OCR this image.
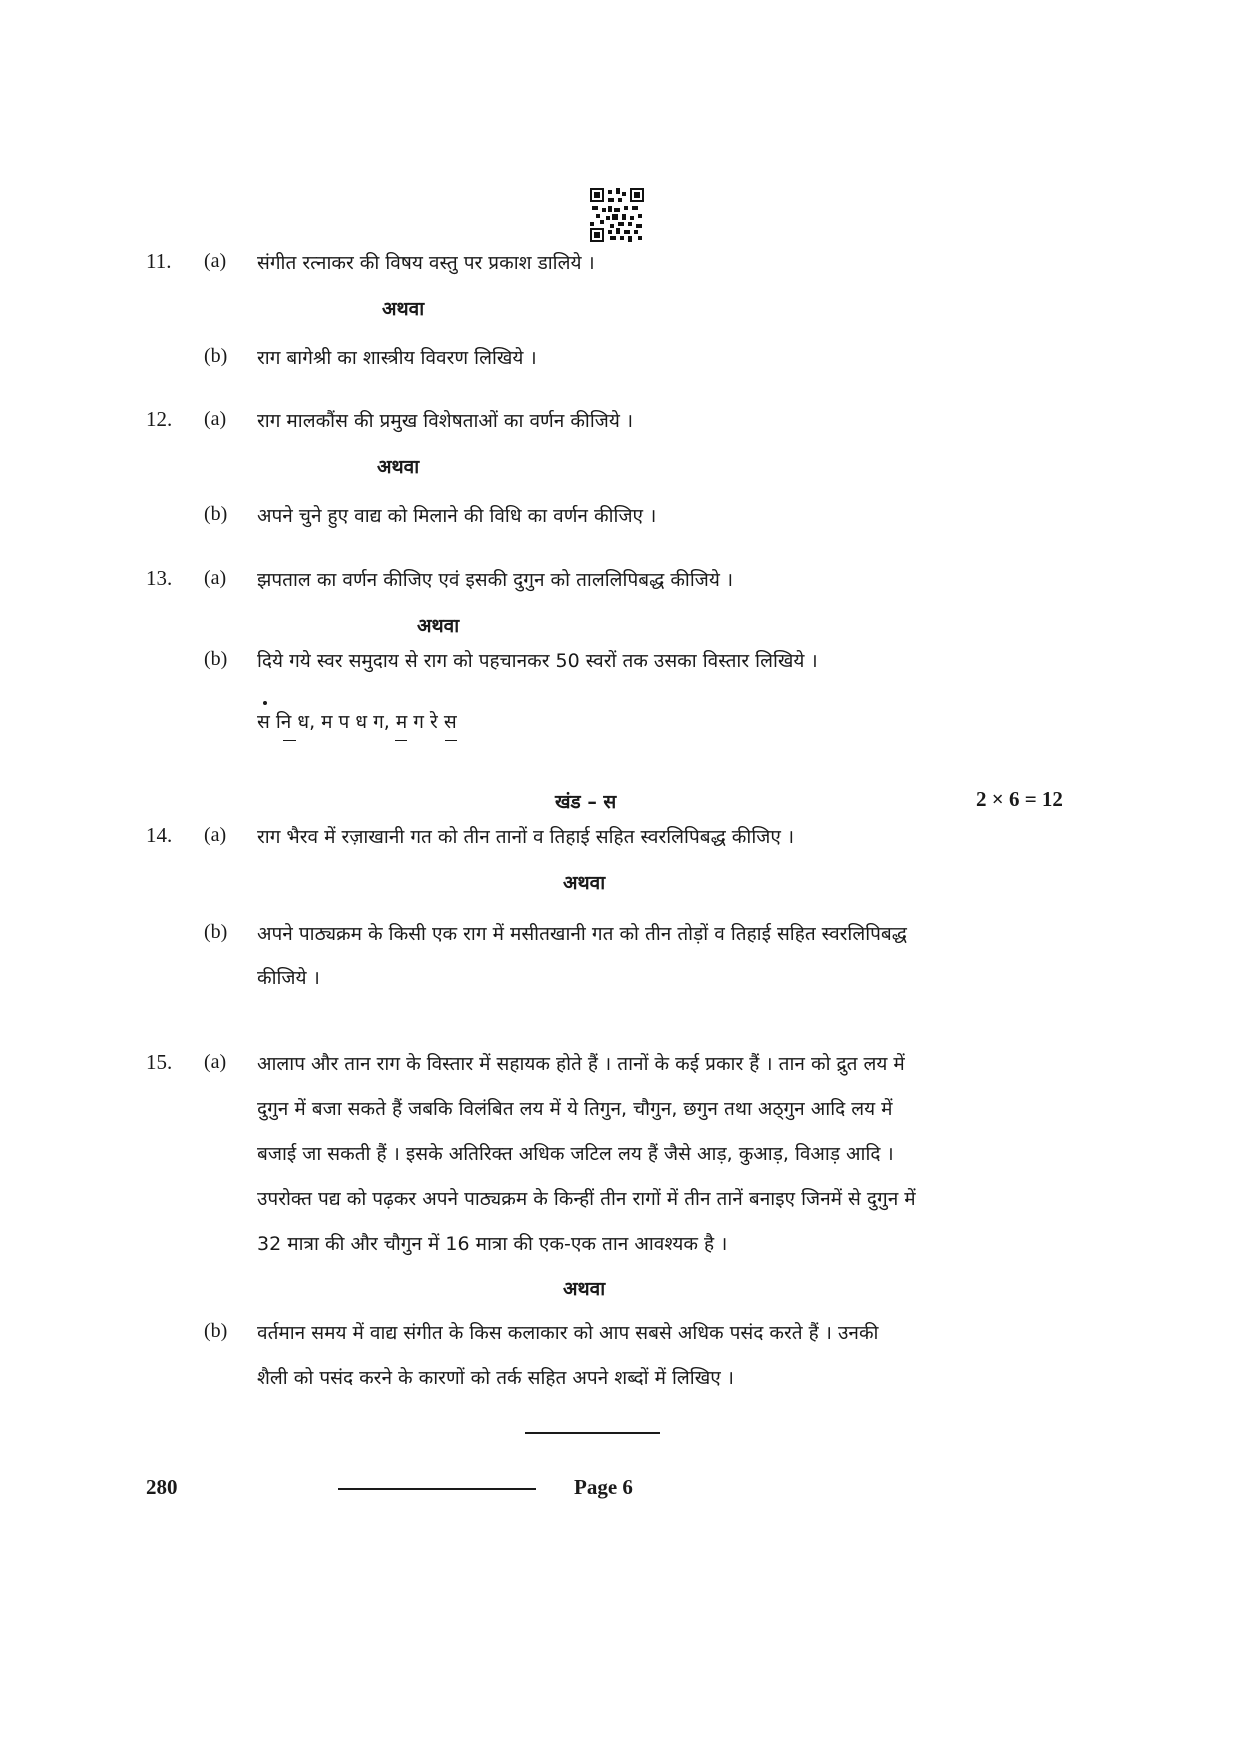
11. (a) संगीत रत्नाकर की विषय वस्तु पर प्रकाश डालिये ।
अथवा
(b) राग बागेश्री का शास्त्रीय विवरण लिखिये ।
12. (a) राग मालकौंस की प्रमुख विशेषताओं का वर्णन कीजिये ।
अथवा
(b) अपने चुने हुए वाद्य को मिलाने की विधि का वर्णन कीजिए ।
13. (a) झपताल का वर्णन कीजिए एवं इसकी दुगुन को ताललिपिबद्ध कीजिये ।
अथवा
(b) दिये गये स्वर समुदाय से राग को पहचानकर 50 स्वरों तक उसका विस्तार लिखिये ।
स नि ध, म प ध ग, म ग रे स
खंड – स	2 × 6 = 12
14. (a) राग भैरव में रज़ाखानी गत को तीन तानों व तिहाई सहित स्वरलिपिबद्ध कीजिए ।
अथवा
(b) अपने पाठ्यक्रम के किसी एक राग में मसीतखानी गत को तीन तोड़ों व तिहाई सहित स्वरलिपिबद्ध
कीजिये ।
15. (a) आलाप और तान राग के विस्तार में सहायक होते हैं । तानों के कई प्रकार हैं । तान को द्रुत लय में
दुगुन में बजा सकते हैं जबकि विलंबित लय में ये तिगुन, चौगुन, छगुन तथा अठ्गुन आदि लय में
बजाई जा सकती हैं । इसके अतिरिक्त अधिक जटिल लय हैं जैसे आड़, कुआड़, विआड़ आदि ।
उपरोक्त पद्य को पढ़कर अपने पाठ्यक्रम के किन्हीं तीन रागों में तीन तानें बनाइए जिनमें से दुगुन में
32 मात्रा की और चौगुन में 16 मात्रा की एक-एक तान आवश्यक है ।
अथवा
(b) वर्तमान समय में वाद्य संगीत के किस कलाकार को आप सबसे अधिक पसंद करते हैं । उनकी
शैली को पसंद करने के कारणों को तर्क सहित अपने शब्दों में लिखिए ।
280	Page 6
